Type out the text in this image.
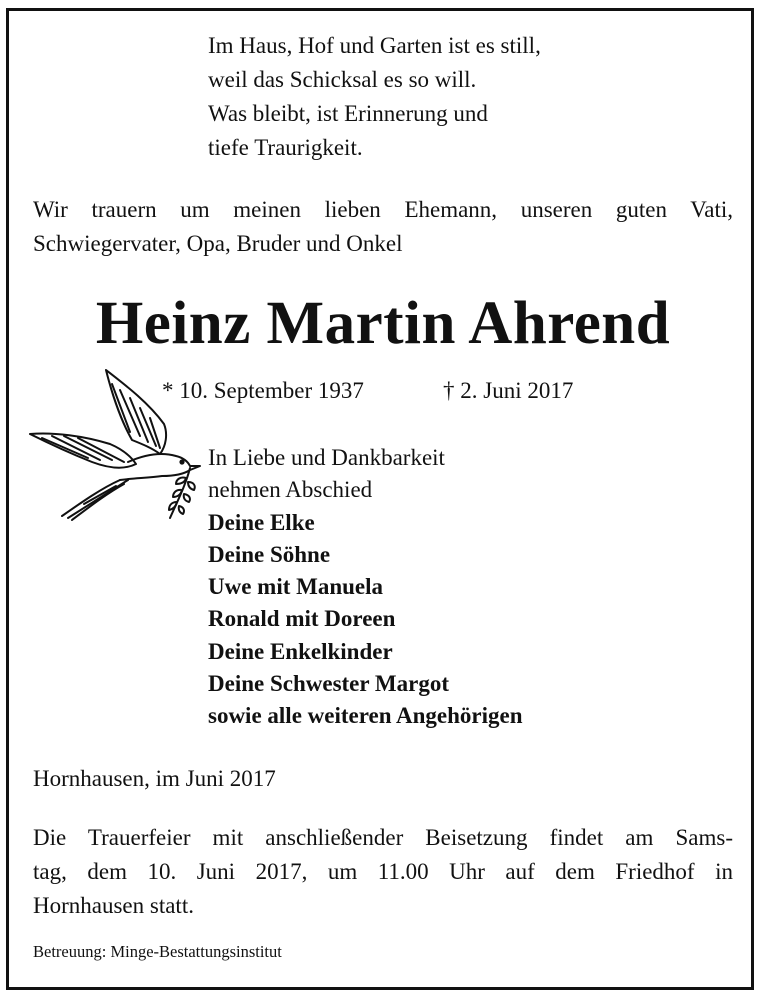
Im Haus, Hof und Garten ist es still,
weil das Schicksal es so will.
Was bleibt, ist Erinnerung und
tiefe Traurigkeit.
Wir trauern um meinen lieben Ehemann, unseren guten Vati,
Schwiegervater, Opa, Bruder und Onkel
Heinz Martin Ahrend
* 10. September 1937	† 2. Juni 2017
In Liebe und Dankbarkeit
nehmen Abschied
Deine Elke
Deine Söhne
Uwe mit Manuela
Ronald mit Doreen
Deine Enkelkinder
Deine Schwester Margot
sowie alle weiteren Angehörigen
Hornhausen, im Juni 2017
Die Trauerfeier mit anschließender Beisetzung findet am Sams-
tag, dem 10. Juni 2017, um 11.00 Uhr auf dem Friedhof in
Hornhausen statt.
Betreuung: Minge-Bestattungsinstitut
